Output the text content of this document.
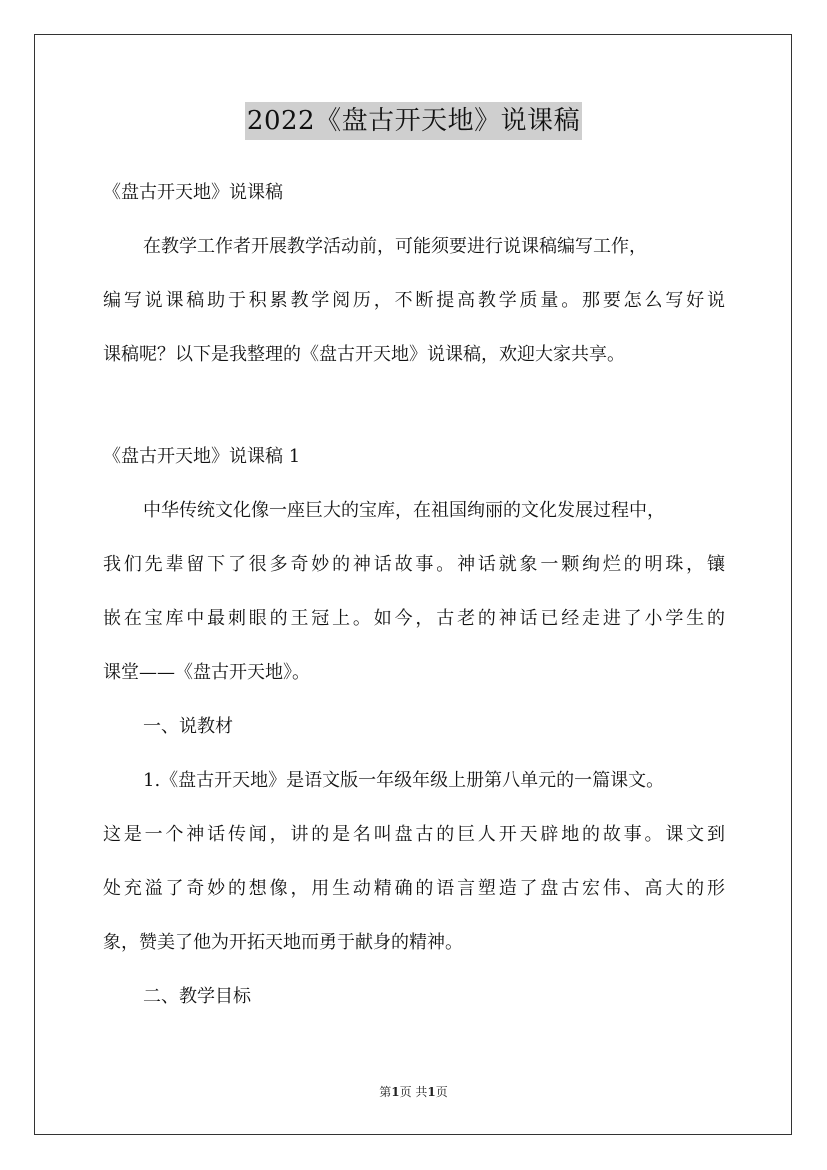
2022《盘古开天地》说课稿
《盘古开天地》说课稿
在教学工作者开展教学活动前，可能须要进行说课稿编写工作，
编写说课稿助于积累教学阅历，不断提高教学质量。那要怎么写好说
课稿呢？以下是我整理的《盘古开天地》说课稿，欢迎大家共享。
《盘古开天地》说课稿 1
中华传统文化像一座巨大的宝库，在祖国绚丽的文化发展过程中，
我们先辈留下了很多奇妙的神话故事。神话就象一颗绚烂的明珠，镶
嵌在宝库中最刺眼的王冠上。如今，古老的神话已经走进了小学生的
课堂——《盘古开天地》。
一、说教材
1.《盘古开天地》是语文版一年级年级上册第八单元的一篇课文。
这是一个神话传闻，讲的是名叫盘古的巨人开天辟地的故事。课文到
处充溢了奇妙的想像，用生动精确的语言塑造了盘古宏伟、高大的形
象，赞美了他为开拓天地而勇于献身的精神。
二、教学目标
第1页 共1页
